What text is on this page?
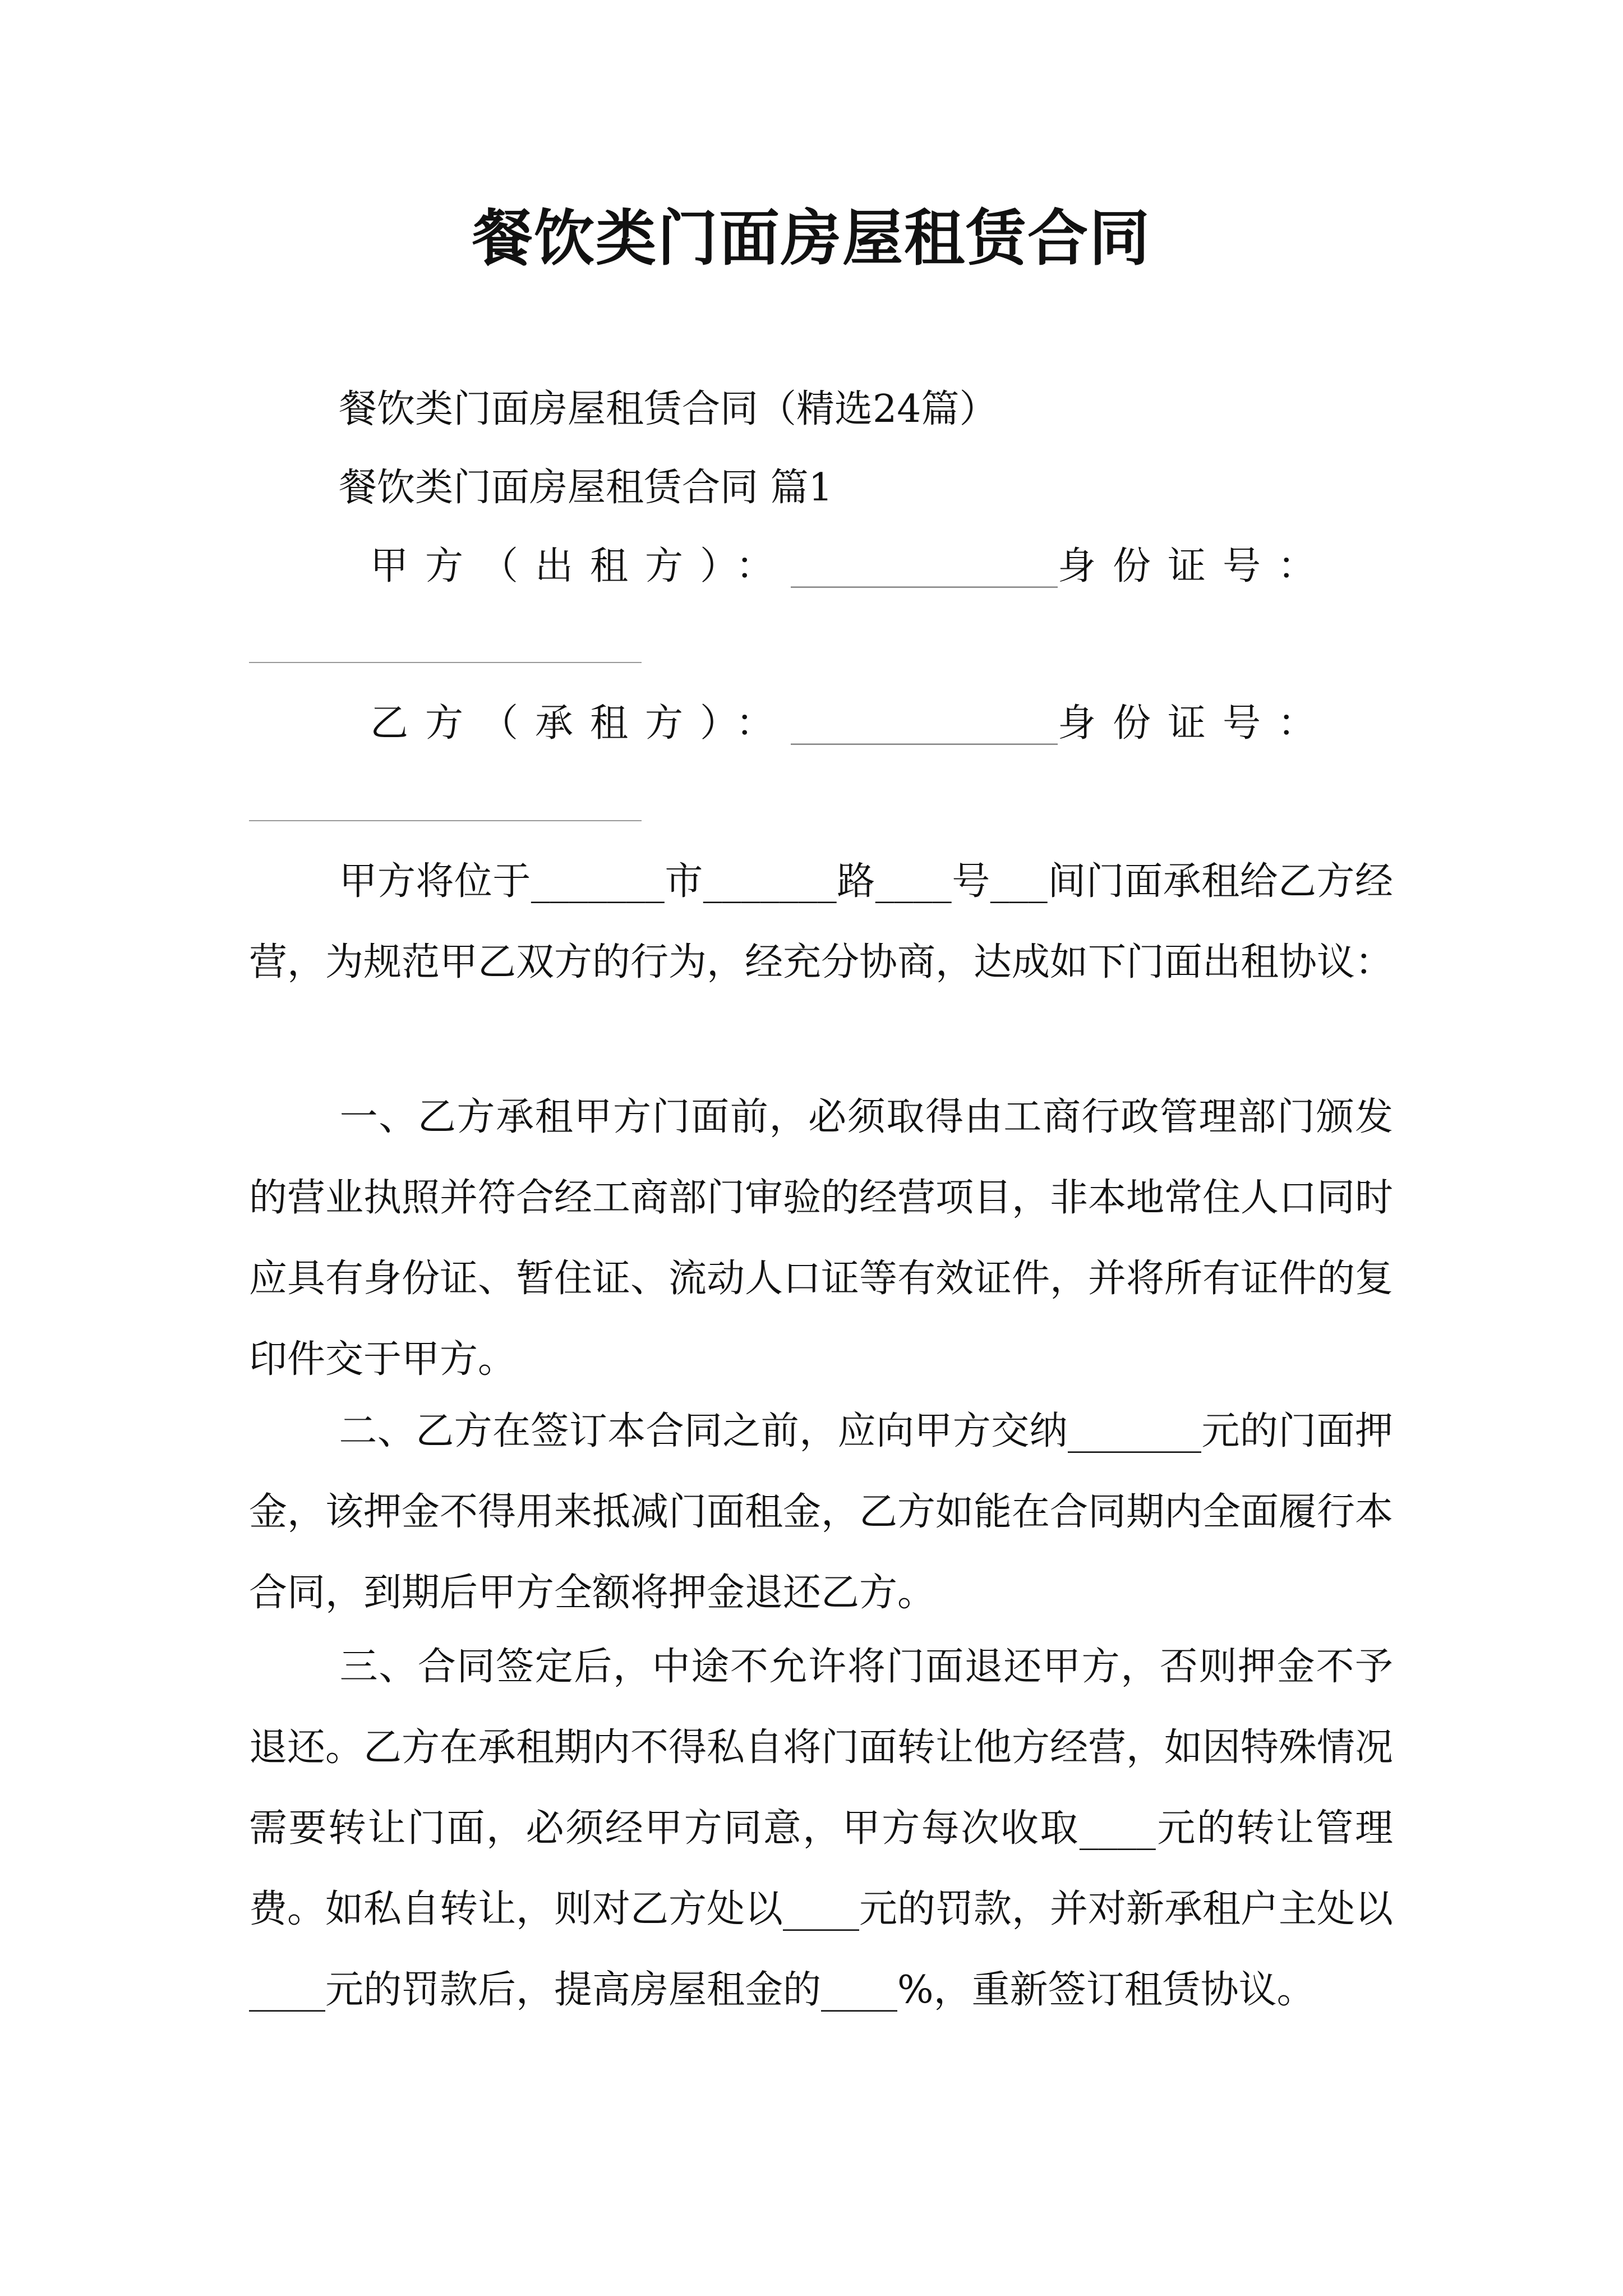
餐饮类门面房屋租赁合同
餐饮类门面房屋租赁合同（精选24篇）
餐饮类门面房屋租赁合同 篇1
甲方（出租方）：______________身份证号：
乙方（承租方）：______________身份证号：
甲方将位于_______市_______路____号___间门面承租给乙方经营，为规范甲乙双方的行为，经充分协商，达成如下门面出租协议：
一、乙方承租甲方门面前，必须取得由工商行政管理部门颁发的营业执照并符合经工商部门审验的经营项目，非本地常住人口同时应具有身份证、暂住证、流动人口证等有效证件，并将所有证件的复印件交于甲方。
二、乙方在签订本合同之前，应向甲方交纳_______元的门面押金，该押金不得用来抵减门面租金，乙方如能在合同期内全面履行本合同，到期后甲方全额将押金退还乙方。
三、合同签定后，中途不允许将门面退还甲方，否则押金不予退还。乙方在承租期内不得私自将门面转让他方经营，如因特殊情况需要转让门面，必须经甲方同意，甲方每次收取____元的转让管理费。如私自转让，则对乙方处以____元的罚款，并对新承租户主处以____元的罚款后，提高房屋租金的____%，重新签订租赁协议。
